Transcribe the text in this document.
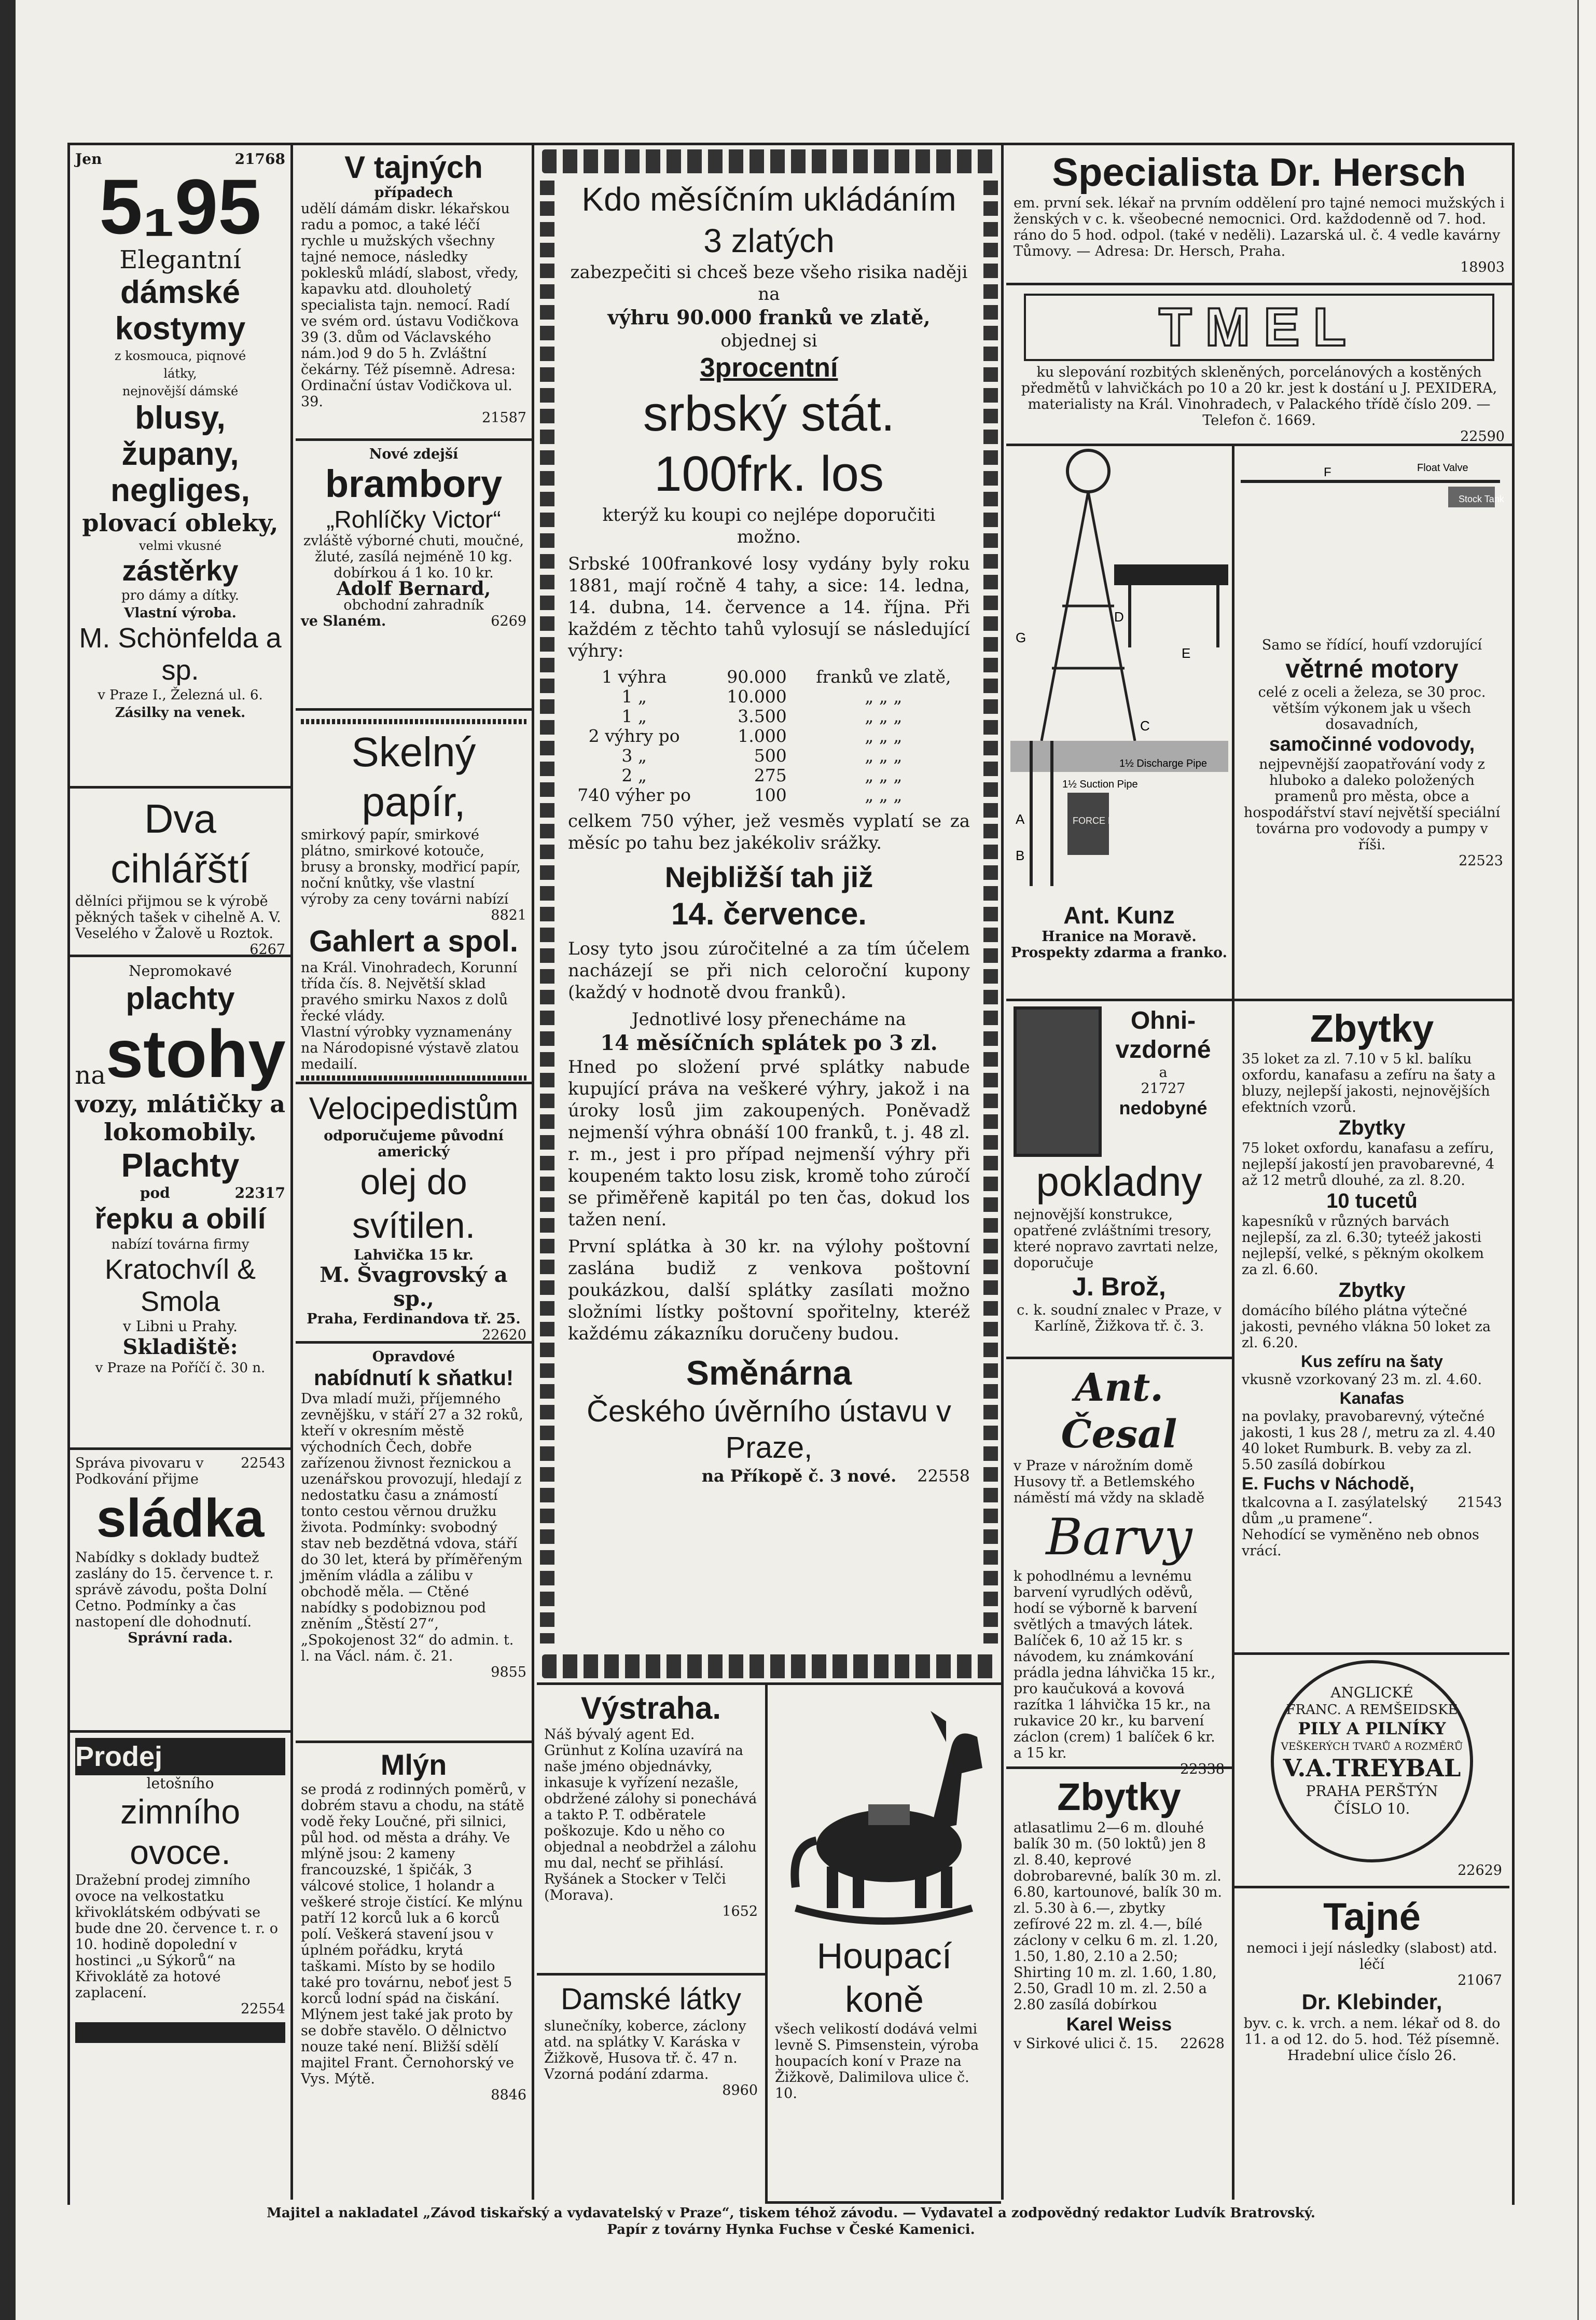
Jen	21768

5₁95

Elegantní

dámské

kostymy

z kosmouca, piqnové

látky,

nejnovější dámské

blusy,

župany,

negliges,

plovací obleky,

velmi vkusné

zástěrky

pro dámy a dítky.

Vlastní výroba.

M. Schönfelda a sp.

v Praze I., Železná ul. 6.

Zásilky na venek.

Dva cihlářští

dělníci přijmou se k výrobě pěkných tašek v cihelně A. V. Veselého v Žalově u Roztok.

6267

Nepromokavé

plachty

na stohy

vozy, mlátičky a

lokomobily.

Plachty

pod	22317

řepku a obilí

nabízí továrna firmy

Kratochvíl & Smola

v Libni u Prahy.

Skladiště:

v Praze na Poříčí č. 30 n.

Správa pivovaru v Podkování přijme

22543

sládka

Nabídky s doklady budtež zaslány do 15. července t. r. správě závodu, pošta Dolní Cetno. Podmínky a čas nastopení dle dohodnutí.

Správní rada.

Prodej

letošního

zimního ovoce.

Dražební prodej zimního ovoce na velkostatku křivoklátském odbývati se bude dne 20. července t. r. o 10. hodině dopolední v hostinci „u Sýkorů“ na Křivoklátě za hotové zaplacení.

22554

V tajných

případech

udělí dámám diskr. lékařskou radu a pomoc, a také léčí rychle u mužských všechny tajné nemoce, následky poklesků mládí, slabost, vředy, kapavku atd. dlouholetý specialista tajn. nemocí. Radí ve svém ord. ústavu Vodičkova 39 (3. dům od Václavského nám.)od 9 do 5 h. Zvláštní čekárny. Též písemně. Adresa: Ordinační ústav Vodičkova ul. 39.

21587

Nové zdejší

brambory

„Rohlíčky Victor“

zvláště výborné chuti, moučné, žluté, zasílá nejméně 10 kg. dobírkou á 1 ko. 10 kr.

Adolf Bernard,

obchodní zahradník

ve Slaném.	6269

Skelný papír,

smirkový papír, smirkové plátno, smirkové kotouče, brusy a bronsky, modřicí papír, noční knůtky, vše vlastní výroby za ceny továrni nabízí

8821

Gahlert a spol.

na Král. Vinohradech, Korunní třída čís. 8. Největší sklad pravého smirku Naxos z dolů řecké vlády.

Vlastní výrobky vyznamenány na Národopisné výstavě zlatou medailí.

Velocipedistům

odporučujeme původní americký

olej do svítilen.

Lahvička 15 kr.

M. Švagrovský a sp.,

Praha, Ferdinandova tř. 25.

22620

Opravdové

nabídnutí k sňatku!

Dva mladí muži, příjemného zevnějšku, v stáří 27 a 32 roků, kteří v okresním městě východních Čech, dobře zařízenou živnost řeznickou a uzenářskou provozují, hledají z nedostatku času a známostí tonto cestou věrnou družku života. Podmínky: svobodný stav neb bezdětná vdova, stáří do 30 let, která by příměřeným jměním vládla a zálibu v obchodě měla. — Ctěné nabídky s podobiznou pod zněním „Štěstí 27“, „Spokojenost 32“ do admin. t. l. na Václ. nám. č. 21.

9855

Mlýn

se prodá z rodinných poměrů, v dobrém stavu a chodu, na státě vodě řeky Loučné, při silnici, půl hod. od města a dráhy. Ve mlýně jsou: 2 kameny francouzské, 1 špičák, 3 válcové stolice, 1 holandr a veškeré stroje čistící. Ke mlýnu patří 12 korců luk a 6 korců polí. Veškerá stavení jsou v úplném pořádku, krytá taškami. Místo by se hodilo také pro továrnu, neboť jest 5 korců lodní spád na čiskání. Mlýnem jest také jak proto by se dobře stavělo. O dělnictvo nouze také není. Bližší sdělí majitel Frant. Černohorský ve Vys. Mýtě.

8846

Kdo měsíčním ukládáním 3 zlatých

zabezpečiti si chceš beze všeho risika naději na

výhru 90.000 franků ve zlatě,

objednej si

3procentní

srbský stát. 100frk. los

kterýž ku koupi co nejlépe doporučiti možno.

Srbské 100frankové losy vydány byly roku 1881, mají ročně 4 tahy, a sice: 14. ledna, 14. dubna, 14. července a 14. října. Při každém z těchto tahů vylosují se následující výhry:

1 výhra	90.000	franků ve zlatě,
1 „	10.000	„ „ „
1 „	3.500	„ „ „
2 výhry po	1.000	„ „ „
3 „	500	„ „ „
2 „	275	„ „ „
740 výher po	100	„ „ „

celkem 750 výher, jež vesměs vyplatí se za měsíc po tahu bez jakékoliv srážky.

Nejbližší tah již

14. července.

Losy tyto jsou zúročitelné a za tím účelem nacházejí se při nich celoroční kupony (každý v hodnotě dvou franků).

Jednotlivé losy přenecháme na

14 měsíčních splátek po 3 zl.

Hned po složení prvé splátky nabude kupující práva na veškeré výhry, jakož i na úroky losů jim zakoupených. Poněvadž nejmenší výhra obnáší 100 franků, t. j. 48 zl. r. m., jest i pro případ nejmenší výhry při koupeném takto losu zisk, kromě toho zúročí se přiměřeně kapitál po ten čas, dokud los tažen není.

První splátka à 30 kr. na výlohy poštovní zaslána budiž z venkova poštovní poukázkou, další splátky zasílati možno složními lístky poštovní spořitelny, kteréž každému zákazníku doručeny budou.

Směnárna

Českého úvěrního ústavu v Praze,

na Příkopě č. 3 nové. 22558

Výstraha.

Náš bývalý agent Ed. Grünhut z Kolína uzavírá na naše jméno objednávky, inkasuje k vyřízení nezašle, obdržené zálohy si ponechává a takto P. T. odběratele poškozuje. Kdo u něho co objednal a neobdržel a zálohu mu dal, nechť se přihlásí. Ryšánek a Stocker v Telči (Morava).

1652

Damské látky

slunečníky, koberce, záclony atd. na splátky V. Karáska v Žižkově, Husova tř. č. 47 n. Vzorná podání zdarma.

8960

Houpací koně

všech velikostí dodává velmi levně S. Pimsenstein, výroba houpacích koní v Praze na Žižkově, Dalimilova ulice č. 10.

Specialista Dr. Hersch

em. první sek. lékař na prvním oddělení pro tajné nemoci mužských i ženských v c. k. všeobecné nemocnici. Ord. každodenně od 7. hod. ráno do 5 hod. odpol. (také v neděli). Lazarská ul. č. 4 vedle kavárny Tůmovy. — Adresa: Dr. Hersch, Praha.

18903

TMEL

ku slepování rozbitých skleněných, porcelánových a kostěných předmětů v lahvičkách po 10 a 20 kr. jest k dostání u J. PEXIDERA, materialisty na Král. Vinohradech, v Palackého třídě číslo 209. — Telefon č. 1669.

22590

G
D
A
B
C
E
1½ Discharge Pipe
1½ Suction Pipe
FORCE PUMP

Ant. Kunz

Hranice na Moravě.

Prospekty zdarma a franko.

Float Valve
Stock Tank
F

Samo se řídící, houfí vzdorující

větrné motory

celé z oceli a železa, se 30 proc. větším výkonem jak u všech dosavadních,

samočinné vodovody,

nejpevnější zaopatřování vody z hluboko a daleko položených pramenů pro městа, obce a hospodářství staví největší speciální továrna pro vodovody a pumpy v říši.

22523

Ohni-

vzdorné

a

21727

nedobyné

pokladny

nejnovější konstrukce, opatřené zvláštními tresory, které nopravo zavrtati nelze, doporučuje

J. Brož,

c. k. soudní znalec v Praze, v Karlíně, Žižkova tř. č. 3.

Ant. Česal

v Praze v nárožním domě Husovy tř. a Betlemského náměstí má vždy na skladě

Barvy

k pohodlnému a levnému barvení vyrudlých oděvů, hodí se výborně k barvení světlých a tmavých látek. Balíček 6, 10 až 15 kr. s návodem, ku známkování prádla jedna láhvička 15 kr., pro kaučuková a kovová razítka 1 láhvička 15 kr., na rukavice 20 kr., ku barvení záclon (crem) 1 balíček 6 kr. a 15 kr.

22338

Zbytky

atlasatlimu 2—6 m. dlouhé balík 30 m. (50 loktů) jen 8 zl. 8.40, keprové dobrobarevné, balík 30 m. zl. 6.80, kartounové, balík 30 m. zl. 5.30 à 6.—, zbytky zefírové 22 m. zl. 4.—, bílé záclony v celku 6 m. zl. 1.20, 1.50, 1.80, 2.10 a 2.50; Shirting 10 m. zl. 1.60, 1.80, 2.50, Gradl 10 m. zl. 2.50 a 2.80 zasílá dobírkou

Karel Weiss

v Sirkové ulici č. 15. 22628

Zbytky

35 loket za zl. 7.10 v 5 kl. balíku oxfordu, kanafasu a zefíru na šaty a bluzy, nejlepší jakosti, nejnovějších efektních vzorů.

Zbytky

75 loket oxfordu, kanafasu a zefíru, nejlepší jakostí jen pravobarevné, 4 až 12 metrů dlouhé, za zl. 8.20.

10 tucetů

kapesníků v různých barvách nejlepší, za zl. 6.30; tyteéž jakosti nejlepší, velké, s pěkným okolkem za zl. 6.60.

Zbytky

domácího bílého plátna výtečné jakosti, pevného vlákna 50 loket za zl. 6.20.

Kus zefíru na šaty

vkusně vzorkovaný 23 m. zl. 4.60.

Kanafas

na povlaky, pravobarevný, výtečné jakosti, 1 kus 28 /, metru za zl. 4.40

40 loket Rumburk. B. veby za zl. 5.50 zasílá dobírkou

E. Fuchs v Náchodě,

tkalcovna a I. zasýlatelský dům „u pramene“.

21543

Nehodící se vyměněno neb obnos vrácí.

ANGLICKÉ

FRANC. A REMŠEIDSKÉ

PILY A PILNÍKY

VEŠKERÝCH TVARŮ A ROZMĚRŮ

V.A.TREYBAL

PRAHA PERŠTÝN

ČÍSLO 10.

22629

Tajné

nemoci i její následky (slabost) atd. léčí

21067

Dr. Klebinder,

byv. c. k. vrch. a nem. lékař od 8. do 11. a od 12. do 5. hod. Též písemně. Hradební ulice číslo 26.

Majitel a nakladatel „Závod tiskařský a vydavatelský v Praze“, tiskem téhož závodu. — Vydavatel a zodpovědný redaktor Ludvík Bratrovský.

Papír z továrny Hynka Fuchse v České Kamenici.
